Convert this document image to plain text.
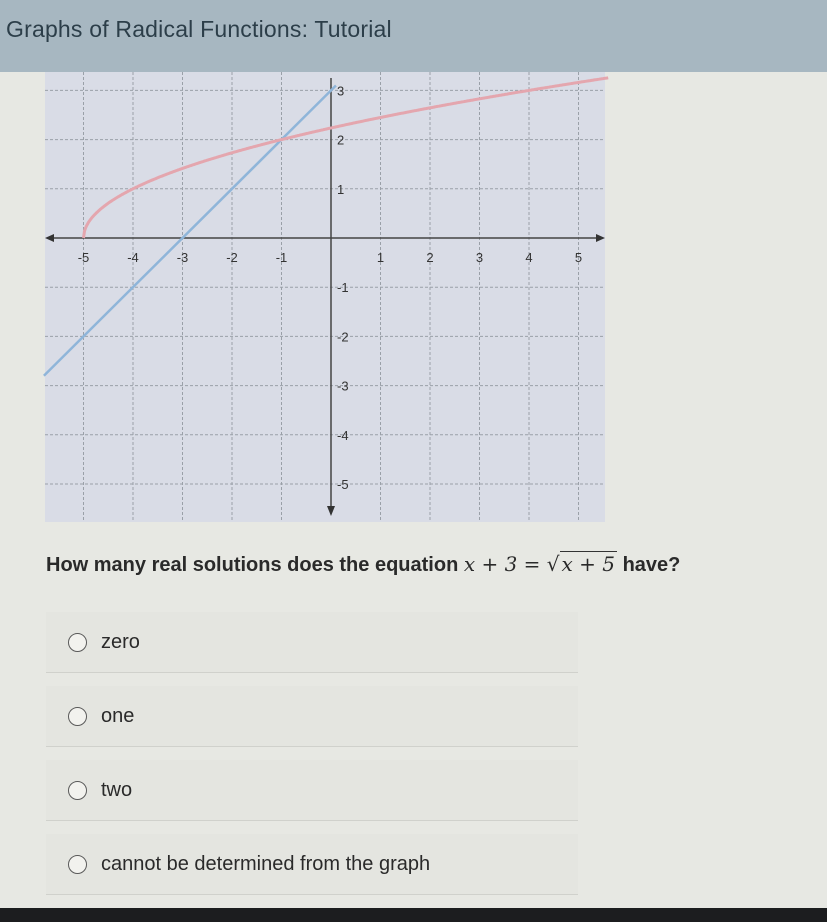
Graphs of Radical Functions: Tutorial
-5	-4	-3	-2	-1	1	2	3	4	5
3
2
1
-1
-2
-3
-4
-5
How many real solutions does the equation x + 3 = √ x + 5 have?
zero
one
two
cannot be determined from the graph
